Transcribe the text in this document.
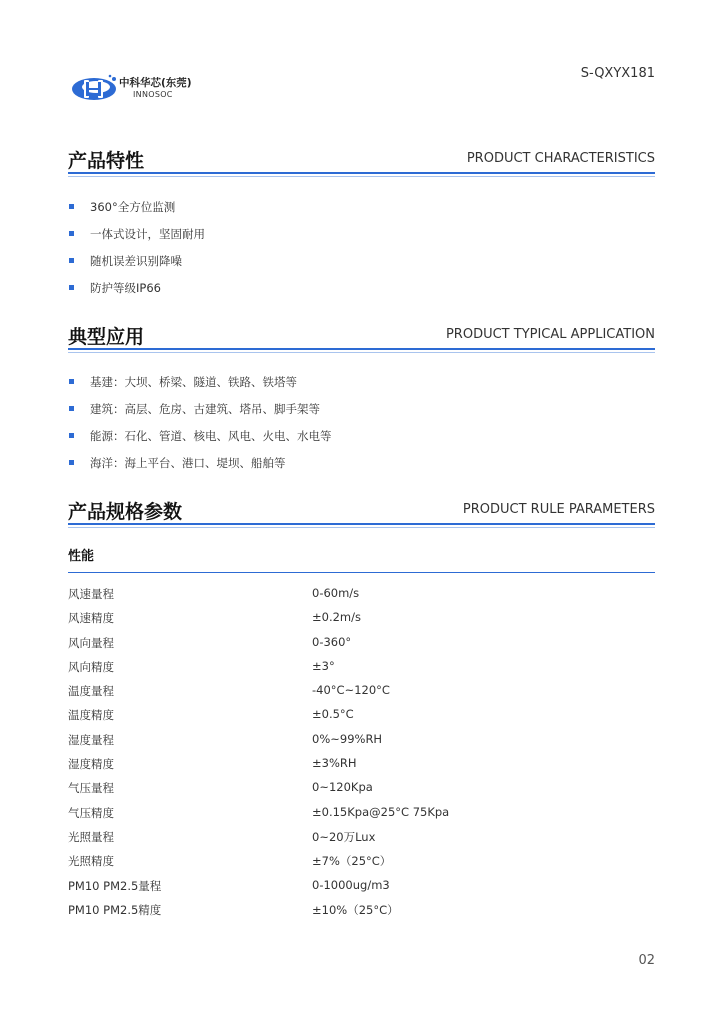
中科华芯(东莞)
INNOSOC
S-QXYX181
产品特性	PRODUCT CHARACTERISTICS
360°全方位监测
一体式设计，坚固耐用
随机误差识别降噪
防护等级IP66
典型应用	PRODUCT TYPICAL APPLICATION
基建：大坝、桥梁、隧道、铁路、铁塔等
建筑：高层、危房、古建筑、塔吊、脚手架等
能源：石化、管道、核电、风电、火电、水电等
海洋：海上平台、港口、堤坝、船舶等
产品规格参数	PRODUCT RULE PARAMETERS
性能
风速量程	0-60m/s
风速精度	±0.2m/s
风向量程	0-360°
风向精度	±3°
温度量程	-40°C~120°C
温度精度	±0.5°C
湿度量程	0%~99%RH
湿度精度	±3%RH
气压量程	0~120Kpa
气压精度	±0.15Kpa@25°C 75Kpa
光照量程	0~20万Lux
光照精度	±7%（25°C）
PM10 PM2.5量程	0-1000ug/m3
PM10 PM2.5精度	±10%（25°C）
02
